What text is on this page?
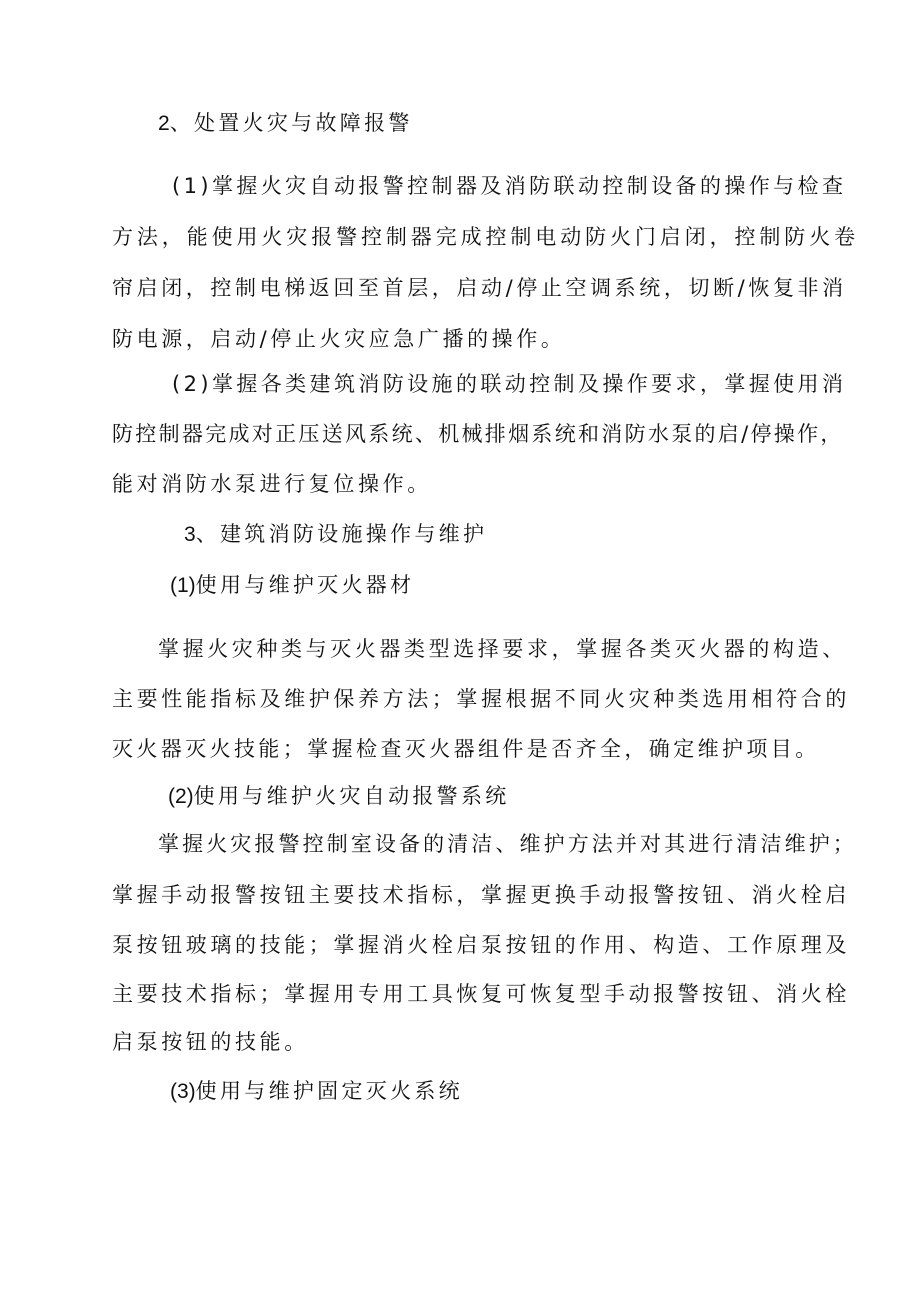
2、处置火灾与故障报警
(1)掌握火灾自动报警控制器及消防联动控制设备的操作与检查
方法，能使用火灾报警控制器完成控制电动防火门启闭，控制防火卷
帘启闭，控制电梯返回至首层，启动/停止空调系统，切断/恢复非消
防电源，启动/停止火灾应急广播的操作。
(2)掌握各类建筑消防设施的联动控制及操作要求，掌握使用消
防控制器完成对正压送风系统、机械排烟系统和消防水泵的启/停操作，
能对消防水泵进行复位操作。
3、建筑消防设施操作与维护
(1)使用与维护灭火器材
掌握火灾种类与灭火器类型选择要求，掌握各类灭火器的构造、
主要性能指标及维护保养方法；掌握根据不同火灾种类选用相符合的
灭火器灭火技能；掌握检查灭火器组件是否齐全，确定维护项目。
(2)使用与维护火灾自动报警系统
掌握火灾报警控制室设备的清洁、维护方法并对其进行清洁维护；
掌握手动报警按钮主要技术指标，掌握更换手动报警按钮、消火栓启
泵按钮玻璃的技能；掌握消火栓启泵按钮的作用、构造、工作原理及
主要技术指标；掌握用专用工具恢复可恢复型手动报警按钮、消火栓
启泵按钮的技能。
(3)使用与维护固定灭火系统
